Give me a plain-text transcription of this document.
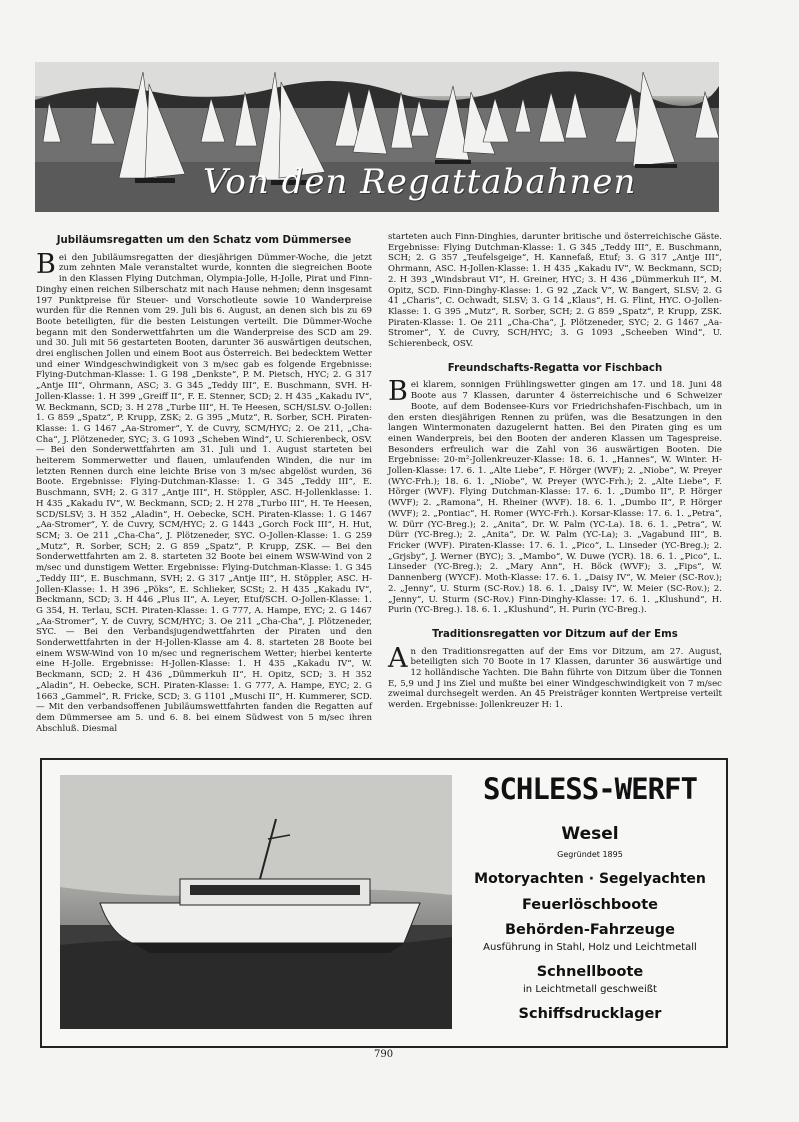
Von den Regattabahnen
Jubiläumsregatten um den Schatz vom Dümmersee

Bei den Jubiläumsregatten der diesjährigen Dümmer-Woche, die jetzt zum zehnten Male veranstaltet wurde, konnten die siegreichen Boote in den Klassen Flying Dutchman, Olympia-Jolle, H-Jolle, Pirat und Finn-Dinghy einen reichen Silberschatz mit nach Hause nehmen; denn insgesamt 197 Punktpreise für Steuer- und Vorschotleute sowie 10 Wanderpreise wurden für die Rennen vom 29. Juli bis 6. August, an denen sich bis zu 69 Boote beteiligten, für die besten Leistungen verteilt. Die Dümmer-Woche begann mit den Sonderwettfahrten um die Wanderpreise des SCD am 29. und 30. Juli mit 56 gestarteten Booten, darunter 36 auswärtigen deutschen, drei englischen Jollen und einem Boot aus Österreich. Bei bedecktem Wetter und einer Windgeschwindigkeit von 3 m/sec gab es folgende Ergebnisse: Flying-Dutchman-Klasse: 1. G 198 „Denkste“, P. M. Pietsch, HYC; 2. G 317 „Antje III“, Ohrmann, ASC; 3. G 345 „Teddy III“, E. Buschmann, SVH. H-Jollen-Klasse: 1. H 399 „Greiff II“, F. E. Stenner, SCD; 2. H 435 „Kakadu IV“, W. Beckmann, SCD; 3. H 278 „Turbe III“, H. Te Heesen, SCH/SLSV. O-Jollen: 1. G 859 „Spatz“, P. Krupp, ZSK; 2. G 395 „Mutz“, R. Sorber, SCH. Piraten-Klasse: 1. G 1467 „Aa-Stromer“, Y. de Cuvry, SCM/HYC; 2. Oe 211, „Cha-Cha“, J. Plötzeneder, SYC; 3. G 1093 „Scheben Wind“, U. Schierenbeck, OSV. — Bei den Sonderwettfahrten am 31. Juli und 1. August starteten bei heiterem Sommerwetter und flauen, umlaufenden Winden, die nur im letzten Rennen durch eine leichte Brise von 3 m/sec abgelöst wurden, 36 Boote. Ergebnisse: Flying-Dutchman-Klasse: 1. G 345 „Teddy III“, E. Buschmann, SVH; 2. G 317 „Antje III“, H. Stöppler, ASC. H-Jollenklasse: 1. H 435 „Kakadu IV“, W. Beckmann, SCD; 2. H 278 „Turbo III“, H. Te Heesen, SCD/SLSV; 3. H 352 „Aladin“, H. Oebecke, SCH. Piraten-Klasse: 1. G 1467 „Aa-Stromer“, Y. de Cuvry, SCM/HYC; 2. G 1443 „Gorch Fock III“, H. Hut, SCM; 3. Oe 211 „Cha-Cha“, J. Plötzeneder, SYC. O-Jollen-Klasse: 1. G 259 „Mutz“, R. Sorber, SCH; 2. G 859 „Spatz“, P. Krupp, ZSK. — Bei den Sonderwettfahrten am 2. 8. starteten 32 Boote bei einem WSW-Wind von 2 m/sec und dunstigem Wetter. Ergebnisse: Flying-Dutchman-Klasse: 1. G 345 „Teddy III“, E. Buschmann, SVH; 2. G 317 „Antje III“, H. Stöppler, ASC. H-Jollen-Klasse: 1. H 396 „Pöks“, E. Schlieker, SCSt; 2. H 435 „Kakadu IV“, Beckmann, SCD; 3. H 446 „Plus II“, A. Leyer, Etuf/SCH. O-Jollen-Klasse: 1. G 354, H. Terlau, SCH. Piraten-Klasse: 1. G 777, A. Hampe, EYC; 2. G 1467 „Aa-Stromer“, Y. de Cuvry, SCM/HYC; 3. Oe 211 „Cha-Cha“, J. Plötzeneder, SYC. — Bei den Verbandsjugendwettfahrten der Piraten und den Sonderwettfahrten in der H-Jollen-Klasse am 4. 8. starteten 28 Boote bei einem WSW-Wind von 10 m/sec und regnerischem Wetter; hierbei kenterte eine H-Jolle. Ergebnisse: H-Jollen-Klasse: 1. H 435 „Kakadu IV“, W. Beckmann, SCD; 2. H 436 „Dümmerkuh II“, H. Opitz, SCD; 3. H 352 „Aladin“, H. Oebecke, SCH. Piraten-Klasse: 1. G 777, A. Hampe, EYC; 2. G 1663 „Gammel“, R. Fricke, SCD; 3. G 1101 „Muschi II“, H. Kummerer, SCD. — Mit den verbandsoffenen Jubiläumswettfahrten fanden die Regatten auf dem Dümmersee am 5. und 6. 8. bei einem Südwest von 5 m/sec ihren Abschluß. Diesmal

starteten auch Finn-Dinghies, darunter britische und österreichische Gäste. Ergebnisse: Flying Dutchman-Klasse: 1. G 345 „Teddy III“, E. Buschmann, SCH; 2. G 357 „Teufelsgeige“, H. Kannefaß, Etuf; 3. G 317 „Antje III“, Ohrmann, ASC. H-Jollen-Klasse: 1. H 435 „Kakadu IV“, W. Beckmann, SCD; 2. H 393 „Windsbraut VI“, H. Greiner, HYC; 3. H 436 „Dümmerkuh II“, M. Opitz, SCD. Finn-Dinghy-Klasse: 1. G 92 „Zack V“, W. Bangert, SLSV; 2. G 41 „Charis“, C. Ochwadt, SLSV; 3. G 14 „Klaus“, H. G. Flint, HYC. O-Jollen-Klasse: 1. G 395 „Mutz“, R. Sorber, SCH; 2. G 859 „Spatz“, P. Krupp, ZSK. Piraten-Klasse: 1. Oe 211 „Cha-Cha“, J. Plötzeneder, SYC; 2. G 1467 „Aa-Stromer“, Y. de Cuvry, SCH/HYC; 3. G 1093 „Scheeben Wind“, U. Schierenbeck, OSV.

Freundschafts-Regatta vor Fischbach

Bei klarem, sonnigen Frühlingswetter gingen am 17. und 18. Juni 48 Boote aus 7 Klassen, darunter 4 österreichische und 6 Schweizer Boote, auf dem Bodensee-Kurs vor Friedrichshafen-Fischbach, um in den ersten diesjährigen Rennen zu prüfen, was die Besatzungen in den langen Wintermonaten dazugelernt hatten. Bei den Piraten ging es um einen Wanderpreis, bei den Booten der anderen Klassen um Tagespreise. Besonders erfreulich war die Zahl von 36 auswärtigen Booten. Die Ergebnisse: 20-m²-Jollenkreuzer-Klasse: 18. 6. 1. „Hannes“, W. Winter. H-Jollen-Klasse: 17. 6. 1. „Alte Liebe“, F. Hörger (WVF); 2. „Niobe“, W. Preyer (WYC-Frh.); 18. 6. 1. „Niobe“, W. Preyer (WYC-Frh.); 2. „Alte Liebe“, F. Hörger (WVF). Flying Dutchman-Klasse: 17. 6. 1. „Dumbo II“, P. Hörger (WVF); 2. „Ramona“, H. Rheiner (WVF). 18. 6. 1. „Dumbo II“, P. Hörger (WVF); 2. „Pontiac“, H. Romer (WYC-Frh.). Korsar-Klasse: 17. 6. 1. „Petra“, W. Dürr (YC-Breg.); 2. „Anita“, Dr. W. Palm (YC-La). 18. 6. 1. „Petra“, W. Dürr (YC-Breg.); 2. „Anita“, Dr. W. Palm (YC-La); 3. „Vagabund III“, B. Fricker (WVF). Piraten-Klasse: 17. 6. 1. „Pico“, L. Linseder (YC-Breg.); 2. „Grjsby“, J. Werner (BYC); 3. „Mambo“, W. Duwe (YCR). 18. 6. 1. „Pico“, L. Linseder (YC-Breg.); 2. „Mary Ann“, H. Böck (WVF); 3. „Fips“, W. Dannenberg (WYCF). Moth-Klasse: 17. 6. 1. „Daisy IV“, W. Meier (SC-Rov.); 2. „Jenny“, U. Sturm (SC-Rov.) 18. 6. 1. „Daisy IV“, W. Meier (SC-Rov.); 2. „Jenny“, U. Sturm (SC-Rov.) Finn-Dinghy-Klasse: 17. 6. 1. „Klushund“, H. Purin (YC-Breg.). 18. 6. 1. „Klushund“, H. Purin (YC-Breg.).

Traditionsregatten vor Ditzum auf der Ems

An den Traditionsregatten auf der Ems vor Ditzum, am 27. August, beteiligten sich 70 Boote in 17 Klassen, darunter 36 auswärtige und 12 holländische Yachten. Die Bahn führte von Ditzum über die Tonnen E, 5,9 und J ins Ziel und mußte bei einer Windgeschwindigkeit von 7 m/sec zweimal durchsegelt werden. An 45 Preisträger konnten Wertpreise verteilt werden. Ergebnisse: Jollenkreuzer H: 1.

SCHLESS-WERFT
Wesel
Gegründet 1895
Motoryachten · Segelyachten
Feuerlöschboote
Behörden-Fahrzeuge
Ausführung in Stahl, Holz und Leichtmetall
Schnellboote
in Leichtmetall geschweißt
Schiffsdrucklager
790
